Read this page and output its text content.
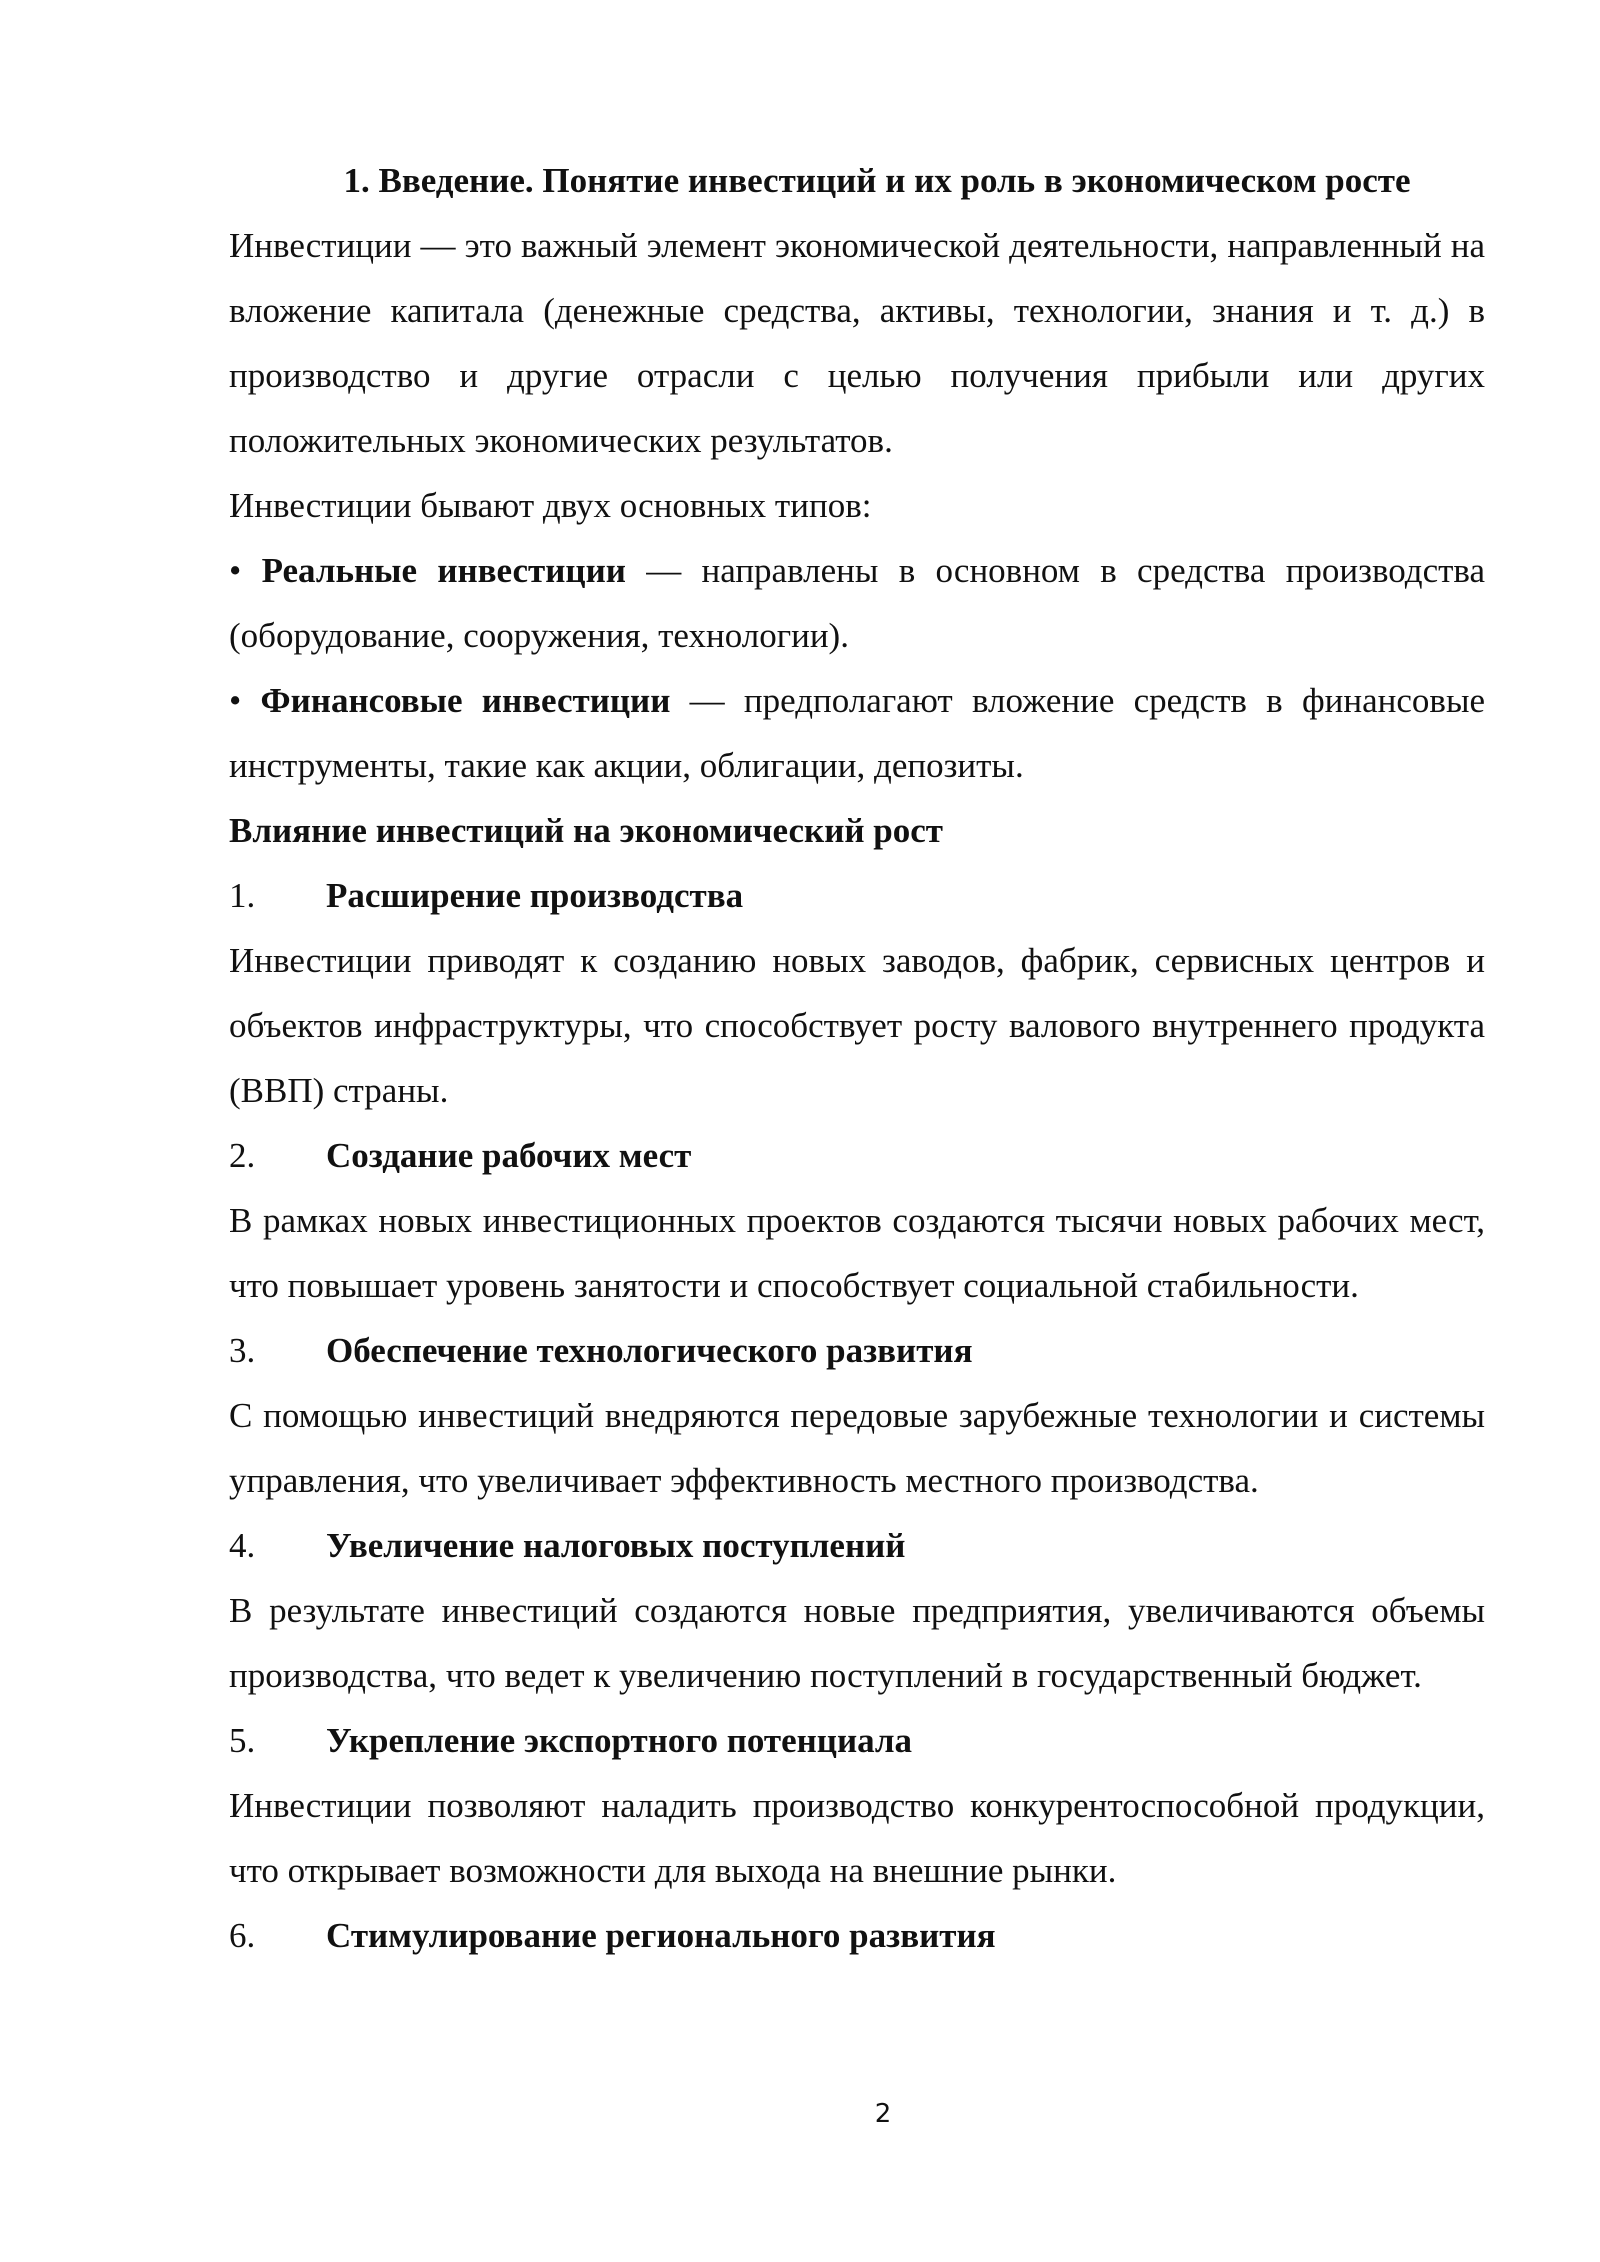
1. Введение. Понятие инвестиций и их роль в экономическом росте

Инвестиции — это важный элемент экономической деятельности, направленный на вложение капитала (денежные средства, активы, технологии, знания и т. д.) в производство и другие отрасли с целью получения прибыли или других положительных экономических результатов.

Инвестиции бывают двух основных типов:

• Реальные инвестиции — направлены в основном в средства производства (оборудование, сооружения, технологии).

• Финансовые инвестиции — предполагают вложение средств в финансовые инструменты, такие как акции, облигации, депозиты.

Влияние инвестиций на экономический рост

1.	Расширение производства

Инвестиции приводят к созданию новых заводов, фабрик, сервисных центров и объектов инфраструктуры, что способствует росту валового внутреннего продукта (ВВП) страны.

2.	Создание рабочих мест

В рамках новых инвестиционных проектов создаются тысячи новых рабочих мест, что повышает уровень занятости и способствует социальной стабильности.

3.	Обеспечение технологического развития

С помощью инвестиций внедряются передовые зарубежные технологии и системы управления, что увеличивает эффективность местного производства.

4.	Увеличение налоговых поступлений

В результате инвестиций создаются новые предприятия, увеличиваются объемы производства, что ведет к увеличению поступлений в государственный бюджет.

5.	Укрепление экспортного потенциала

Инвестиции позволяют наладить производство конкурентоспособной продукции, что открывает возможности для выхода на внешние рынки.

6.	Стимулирование регионального развития

2
